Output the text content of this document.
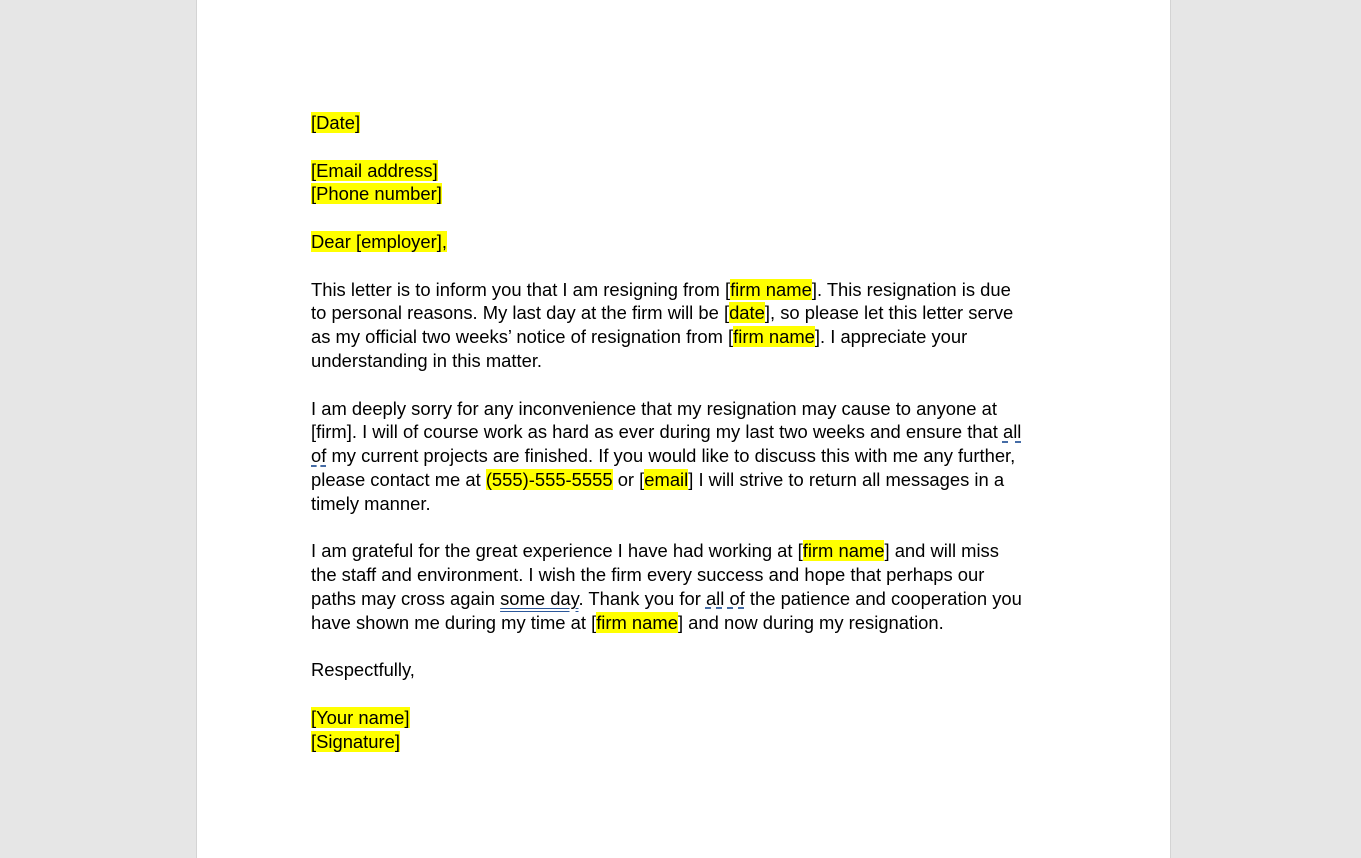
[Date]
[Email address]
[Phone number]
Dear [employer],
This letter is to inform you that I am resigning from [firm name]. This resignation is due
to personal reasons. My last day at the firm will be [date], so please let this letter serve
as my official two weeks’ notice of resignation from [firm name]. I appreciate your
understanding in this matter.
I am deeply sorry for any inconvenience that my resignation may cause to anyone at
[firm]. I will of course work as hard as ever during my last two weeks and ensure that all
of my current projects are finished. If you would like to discuss this with me any further,
please contact me at (555)-555-5555 or [email] I will strive to return all messages in a
timely manner.
I am grateful for the great experience I have had working at [firm name] and will miss
the staff and environment. I wish the firm every success and hope that perhaps our
paths may cross again some day. Thank you for all of the patience and cooperation you
have shown me during my time at [firm name] and now during my resignation.
Respectfully,
[Your name]
[Signature]
